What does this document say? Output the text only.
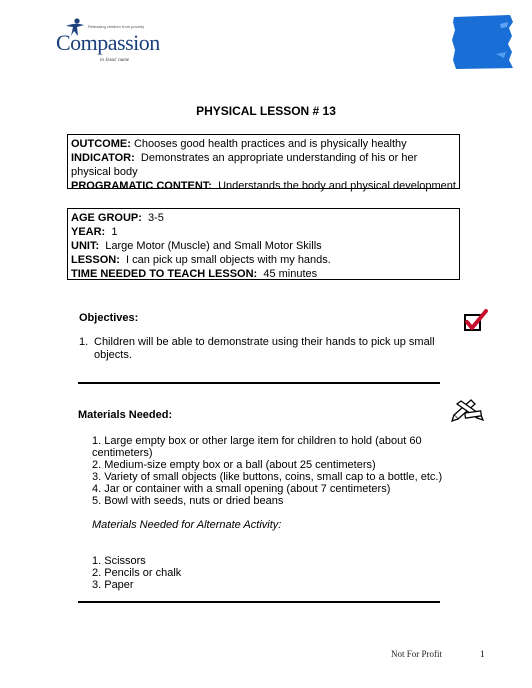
Releasing children from poverty
Compassion
in Jesus' name
PHYSICAL LESSON # 13
OUTCOME: Chooses good health practices and is physically healthy
INDICATOR: Demonstrates an appropriate understanding of his or her physical body
PROGRAMATIC CONTENT: Understands the body and physical development
AGE GROUP: 3-5
YEAR: 1
UNIT: Large Motor (Muscle) and Small Motor Skills
LESSON: I can pick up small objects with my hands.
TIME NEEDED TO TEACH LESSON: 45 minutes
Objectives:
1. Children will be able to demonstrate using their hands to pick up small objects.
Materials Needed:
1. Large empty box or other large item for children to hold (about 60 centimeters)
2. Medium-size empty box or a ball (about 25 centimeters)
3. Variety of small objects (like buttons, coins, small cap to a bottle, etc.)
4. Jar or container with a small opening (about 7 centimeters)
5. Bowl with seeds, nuts or dried beans
Materials Needed for Alternate Activity:
1. Scissors
2. Pencils or chalk
3. Paper
Not For Profit	1
